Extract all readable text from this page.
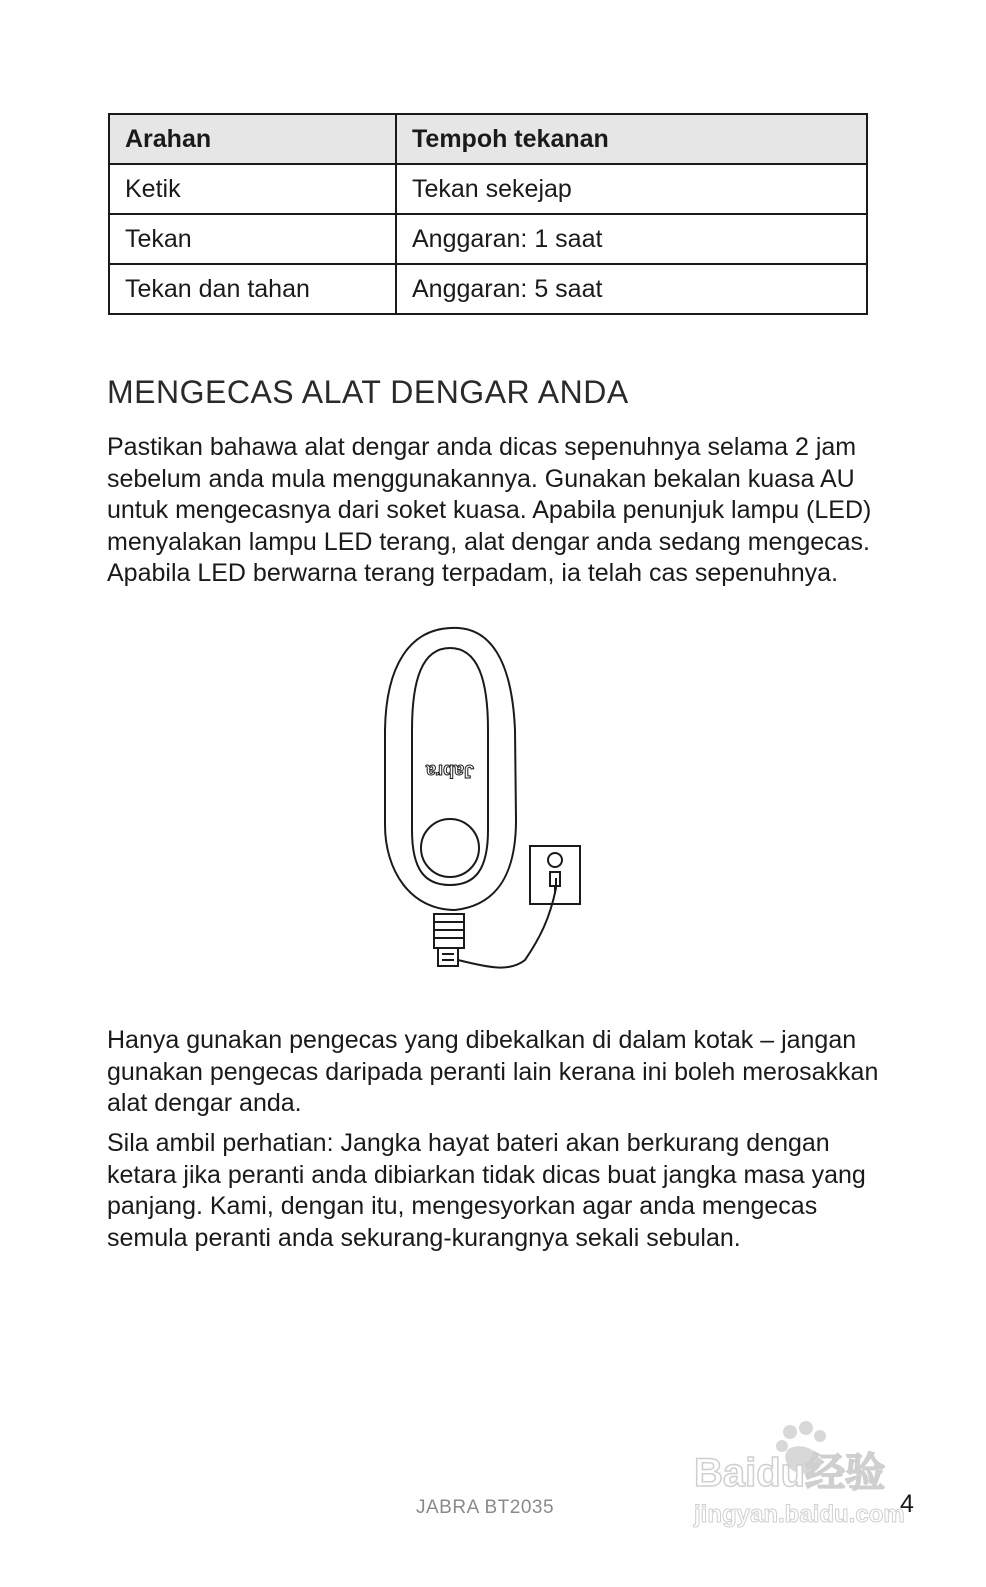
Arahan	Tempoh tekanan
Ketik	Tekan sekejap
Tekan	Anggaran: 1 saat
Tekan dan tahan	Anggaran: 5 saat
MENGECAS ALAT DENGAR ANDA

Pastikan bahawa alat dengar anda dicas sepenuhnya selama 2 jam sebelum anda mula menggunakannya. Gunakan bekalan kuasa AU untuk mengecasnya dari soket kuasa. Apabila penunjuk lampu (LED) menyalakan lampu LED terang, alat dengar anda sedang mengecas. Apabila LED berwarna terang terpadam, ia telah cas sepenuhnya.

Jabra

Hanya gunakan pengecas yang dibekalkan di dalam kotak – jangan gunakan pengecas daripada peranti lain kerana ini boleh merosakkan alat dengar anda.

Sila ambil perhatian: Jangka hayat bateri akan berkurang dengan ketara jika peranti anda dibiarkan tidak dicas buat jangka masa yang panjang. Kami, dengan itu, mengesyorkan agar anda mengecas semula peranti anda sekurang-kurangnya sekali sebulan.

Baidu经验
jingyan.baidu.com
JABRA BT2035	4
